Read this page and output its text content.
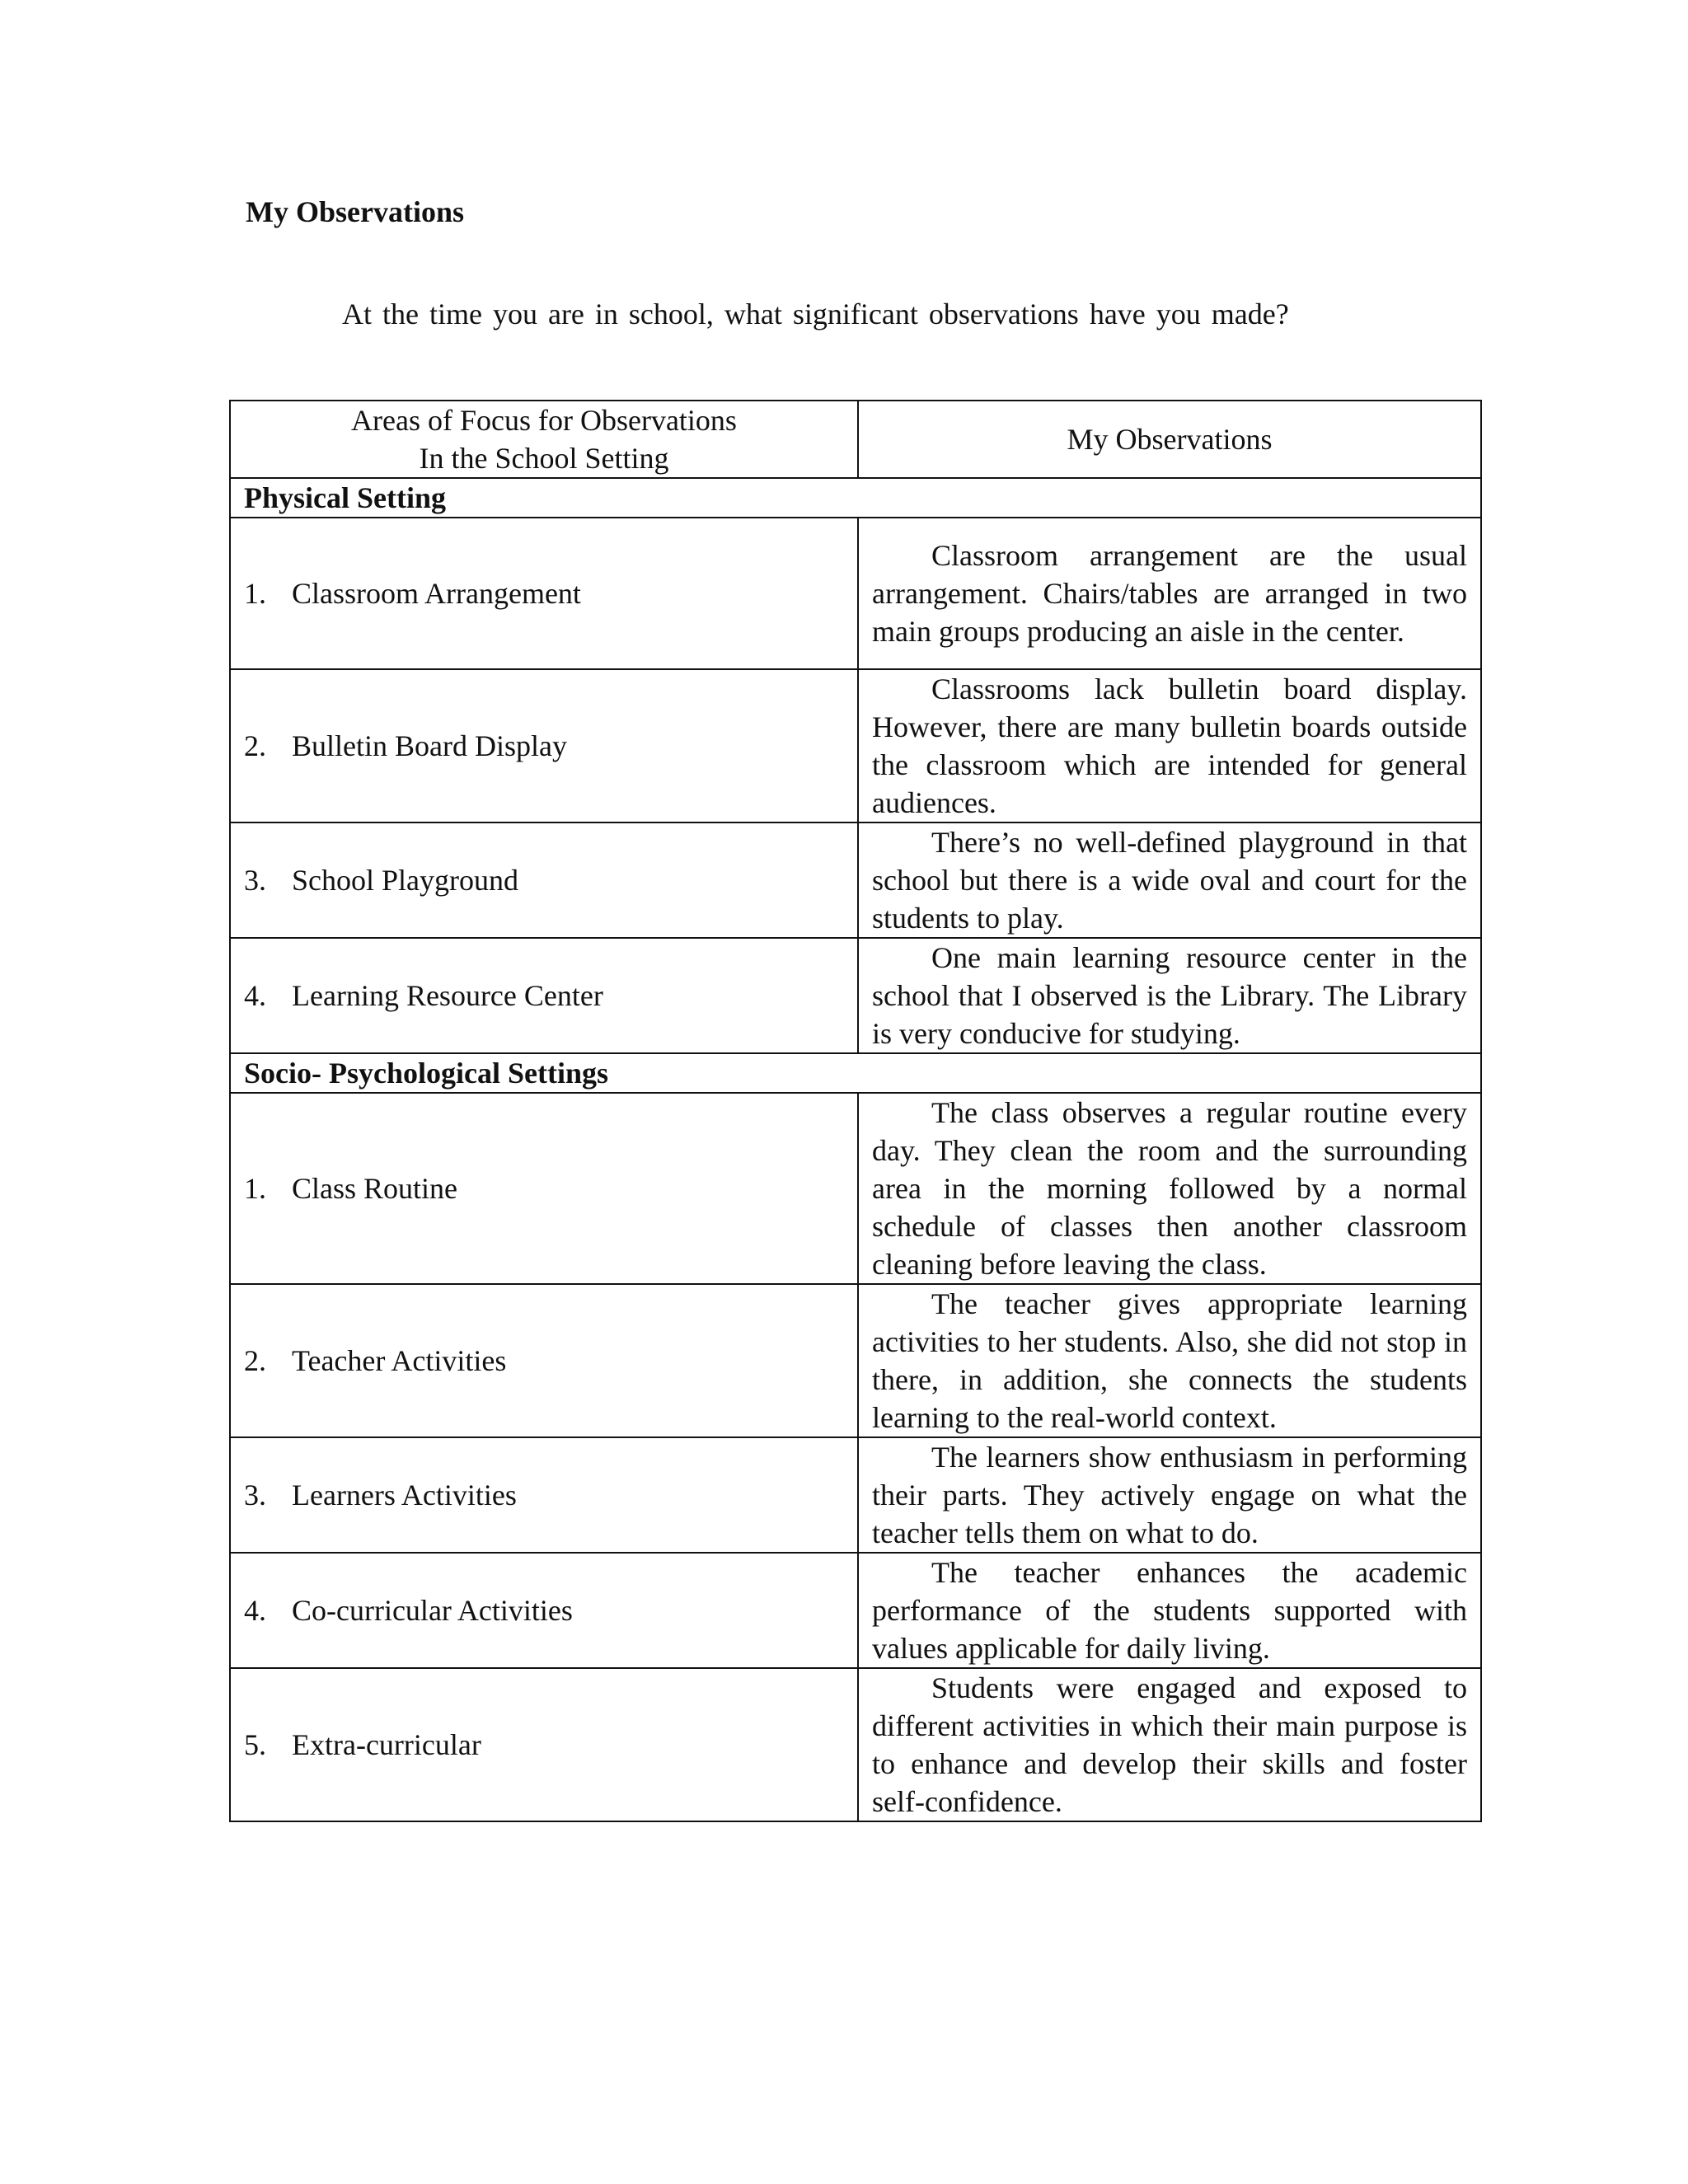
My Observations

At the time you are in school, what significant observations have you made?

Areas of Focus for Observations
In the School Setting	My Observations
Physical Setting	
1. Classroom Arrangement	Classroom arrangement are the usual arrangement. Chairs/tables are arranged in two main groups producing an aisle in the center.
2. Bulletin Board Display	Classrooms lack bulletin board display. However, there are many bulletin boards outside the classroom which are intended for general audiences.
3. School Playground	There’s no well-defined playground in that school but there is a wide oval and court for the students to play.
4. Learning Resource Center	One main learning resource center in the school that I observed is the Library. The Library is very conducive for studying.
Socio- Psychological Settings	
1. Class Routine	The class observes a regular routine every day. They clean the room and the surrounding area in the morning followed by a normal schedule of classes then another classroom cleaning before leaving the class.
2. Teacher Activities	The teacher gives appropriate learning activities to her students. Also, she did not stop in there, in addition, she connects the students learning to the real-world context.
3. Learners Activities	The learners show enthusiasm in performing their parts. They actively engage on what the teacher tells them on what to do.
4. Co-curricular Activities	The teacher enhances the academic performance of the students supported with values applicable for daily living.
5. Extra-curricular	Students were engaged and exposed to different activities in which their main purpose is to enhance and develop their skills and foster self-confidence.
